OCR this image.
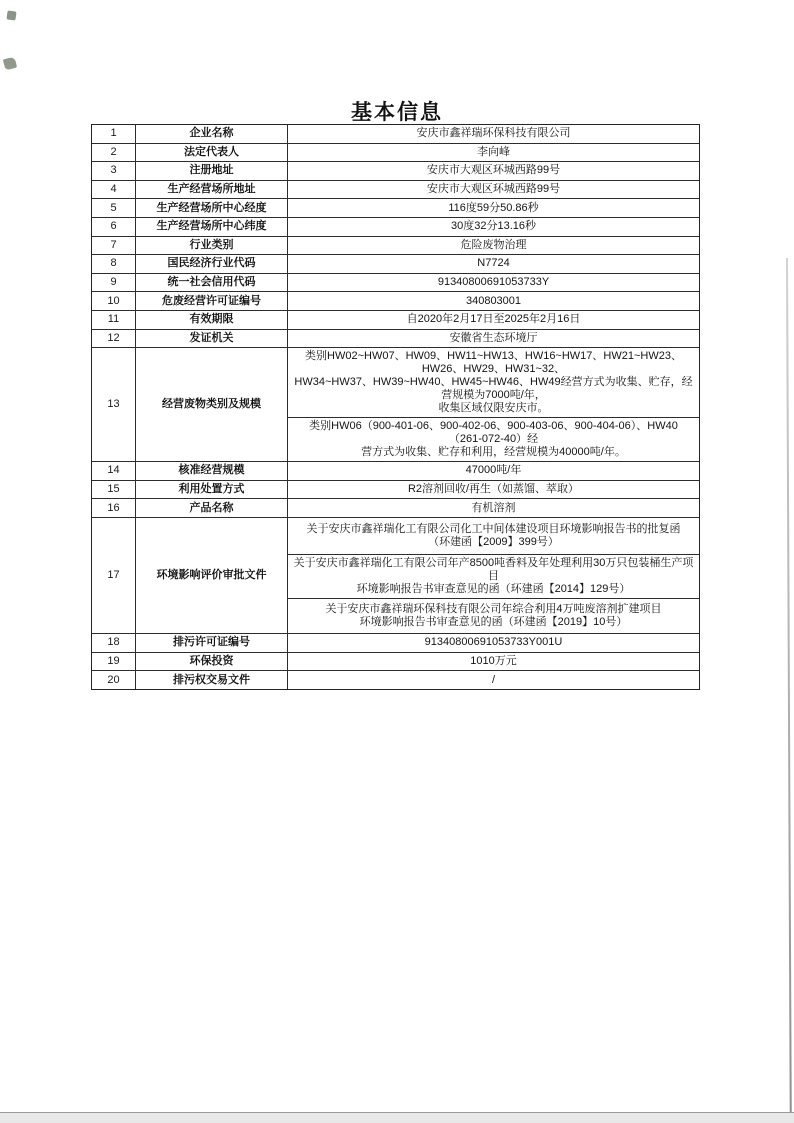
基本信息
1	企业名称	安庆市鑫祥瑞环保科技有限公司
2	法定代表人	李向峰
3	注册地址	安庆市大观区环城西路99号
4	生产经营场所地址	安庆市大观区环城西路99号
5	生产经营场所中心经度	116度59分50.86秒
6	生产经营场所中心纬度	30度32分13.16秒
7	行业类别	危险废物治理
8	国民经济行业代码	N7724
9	统一社会信用代码	91340800691053733Y
10	危废经营许可证编号	340803001
11	有效期限	自2020年2月17日至2025年2月16日
12	发证机关	安徽省生态环境厅
13	经营废物类别及规模
类别HW02~HW07、HW09、HW11~HW13、HW16~HW17、HW21~HW23、HW26、HW29、HW31~32、
HW34~HW37、HW39~HW40、HW45~HW46、HW49经营方式为收集、贮存，经营规模为7000吨/年，
收集区域仅限安庆市。
类别HW06（900-401-06、900-402-06、900-403-06、900-404-06）、HW40（261-072-40）经
营方式为收集、贮存和利用，经营规模为40000吨/年。
14	核准经营规模	47000吨/年
15	利用处置方式	R2溶剂回收/再生（如蒸馏、萃取）
16	产品名称	有机溶剂
17	环境影响评价审批文件
关于安庆市鑫祥瑞化工有限公司化工中间体建设项目环境影响报告书的批复函
（环建函【2009】399号）
关于安庆市鑫祥瑞化工有限公司年产8500吨香料及年处理利用30万只包装桶生产项目
环境影响报告书审查意见的函（环建函【2014】129号）
关于安庆市鑫祥瑞环保科技有限公司年综合利用4万吨废溶剂扩建项目
环境影响报告书审查意见的函（环建函【2019】10号）
18	排污许可证编号	91340800691053733Y001U
19	环保投资	1010万元
20	排污权交易文件	/
